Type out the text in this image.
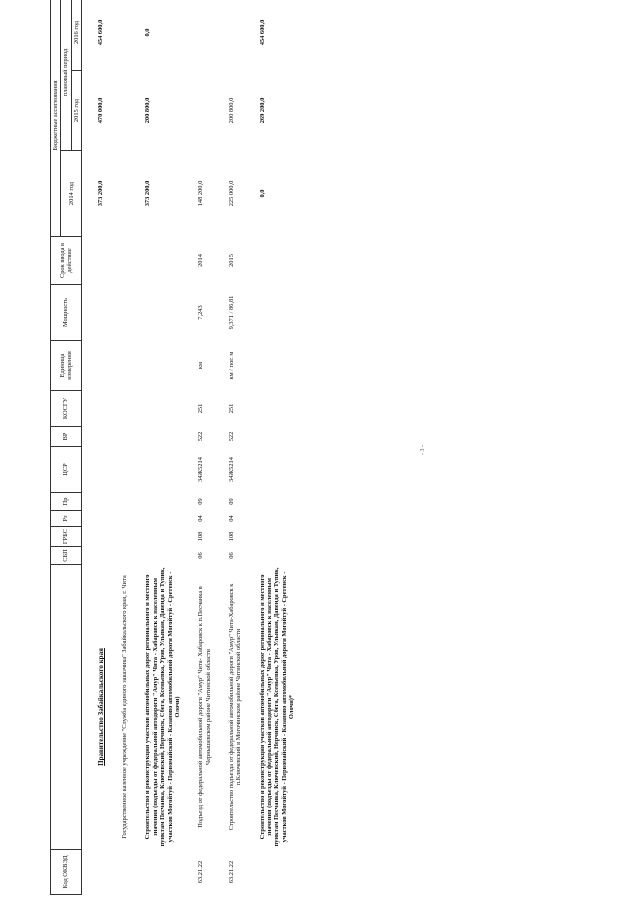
Код ОКВЭД		СБП	ГРБС	Рз	Пр	ЦСР	ВР	КОСГУ	Единица измерения	Мощность	Срок ввода в действие	Бюджетные ассигнования		
												2014 год	плановый период	
													2015 год	2016 год

	Правительство Забайкальского края											373 200,0	470 000,0	454 600,0

	Государственное казенное учреждение "Служба единого заказчика" Забайкальского края, г. Чита													

	Строительство и реконструкция участков автомобильных дорог регионального и местного значения (подъезды от федеральной автодороги "Амур" Чита - Хабаровск к населенным пунктам Песчанка, Ключевский, Нерчинск, Сбега, Ксеньевка, Уров, Ульякан, Давенда и Тупик, участков Могойтуй - Первомайский - Казаново автомобильной дороги Могойтуй - Сретенск - Олочи)											373 200,0	200 800,0	0,0

63.21.22	Подъезд от федеральной автомобильной дороги "Амур" Чита- Хабаровск к п.Песчанка в Чернышевском районе Читинской области	06	108	04	09	34Ж5214	522	251	км	7,243	2014	148 200,0		

63.21.22	Строительство подъезда от федеральной автомобильной дороги "Амур" Чита-Хабаровск к п.Ключевский в Могочинском районе Читинской области	06	108	04	09	34Ж5214	522	251	км / пог. м	9,371 / 86,81	2015	225 000,0	200 800,0	

	Строительство и реконструкция участков автомобильных дорог регионального и местного значения (подъезды от федеральной автодороги "Амур" Чита - Хабаровск к населенным пунктам Песчанка, Ключевский, Нерчинск, Сбега, Ксеньевка, Уров, Ульякан, Давенда и Тупик, участков Могойтуй - Первомайский - Казаново автомобильной дороги Могойтуй - Сретенск - Олочи)*											0,0	269 200,0	454 600,0
- 3 -
